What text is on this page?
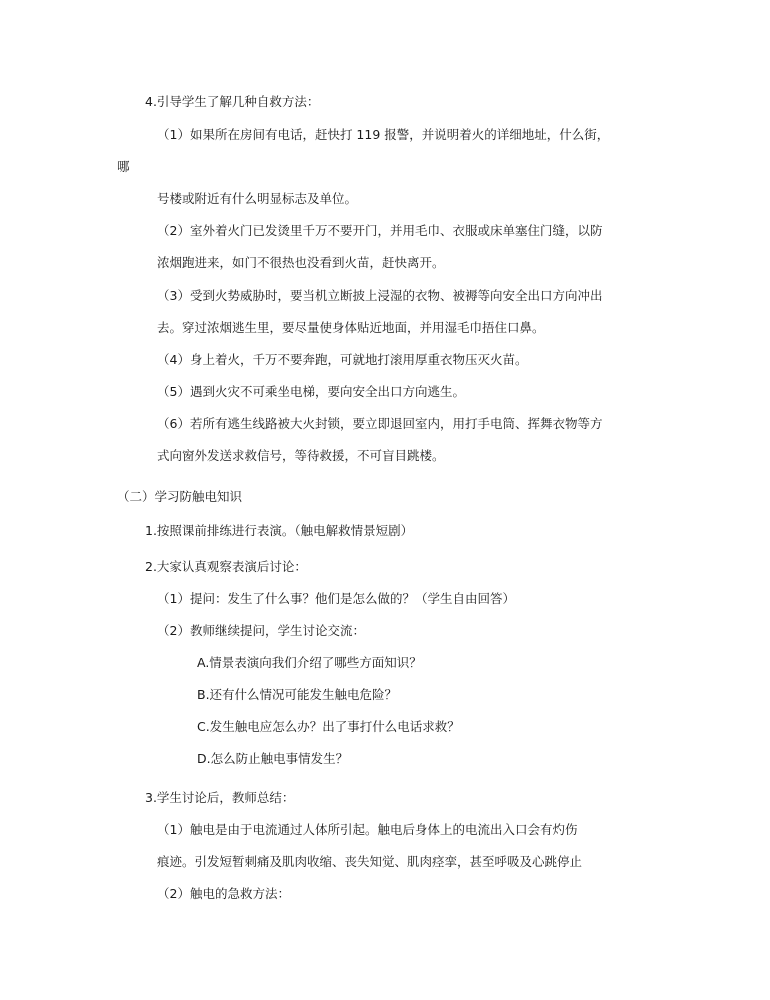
4.引导学生了解几种自救方法：
（1）如果所在房间有电话，赶快打 119 报警，并说明着火的详细地址，什么街，
哪
号楼或附近有什么明显标志及单位。
（2）室外着火门已发烫里千万不要开门，并用毛巾、衣服或床单塞住门缝，以防
浓烟跑进来，如门不很热也没看到火苗，赶快离开。
（3）受到火势威胁时，要当机立断披上浸湿的衣物、被褥等向安全出口方向冲出
去。穿过浓烟逃生里，要尽量使身体贴近地面，并用湿毛巾捂住口鼻。
（4）身上着火，千万不要奔跑，可就地打滚用厚重衣物压灭火苗。
（5）遇到火灾不可乘坐电梯，要向安全出口方向逃生。
（6）若所有逃生线路被大火封锁，要立即退回室内，用打手电筒、挥舞衣物等方
式向窗外发送求救信号，等待救援，不可盲目跳楼。
（二）学习防触电知识
1.按照课前排练进行表演。（触电解救情景短剧）
2.大家认真观察表演后讨论：
（1）提问：发生了什么事？他们是怎么做的？（学生自由回答）
（2）教师继续提问，学生讨论交流：
A.情景表演向我们介绍了哪些方面知识？
B.还有什么情况可能发生触电危险？
C.发生触电应怎么办？出了事打什么电话求救？
D.怎么防止触电事情发生？
3.学生讨论后，教师总结：
（1）触电是由于电流通过人体所引起。触电后身体上的电流出入口会有灼伤
痕迹。引发短暂刺痛及肌肉收缩、丧失知觉、肌肉痉挛，甚至呼吸及心跳停止
（2）触电的急救方法：
